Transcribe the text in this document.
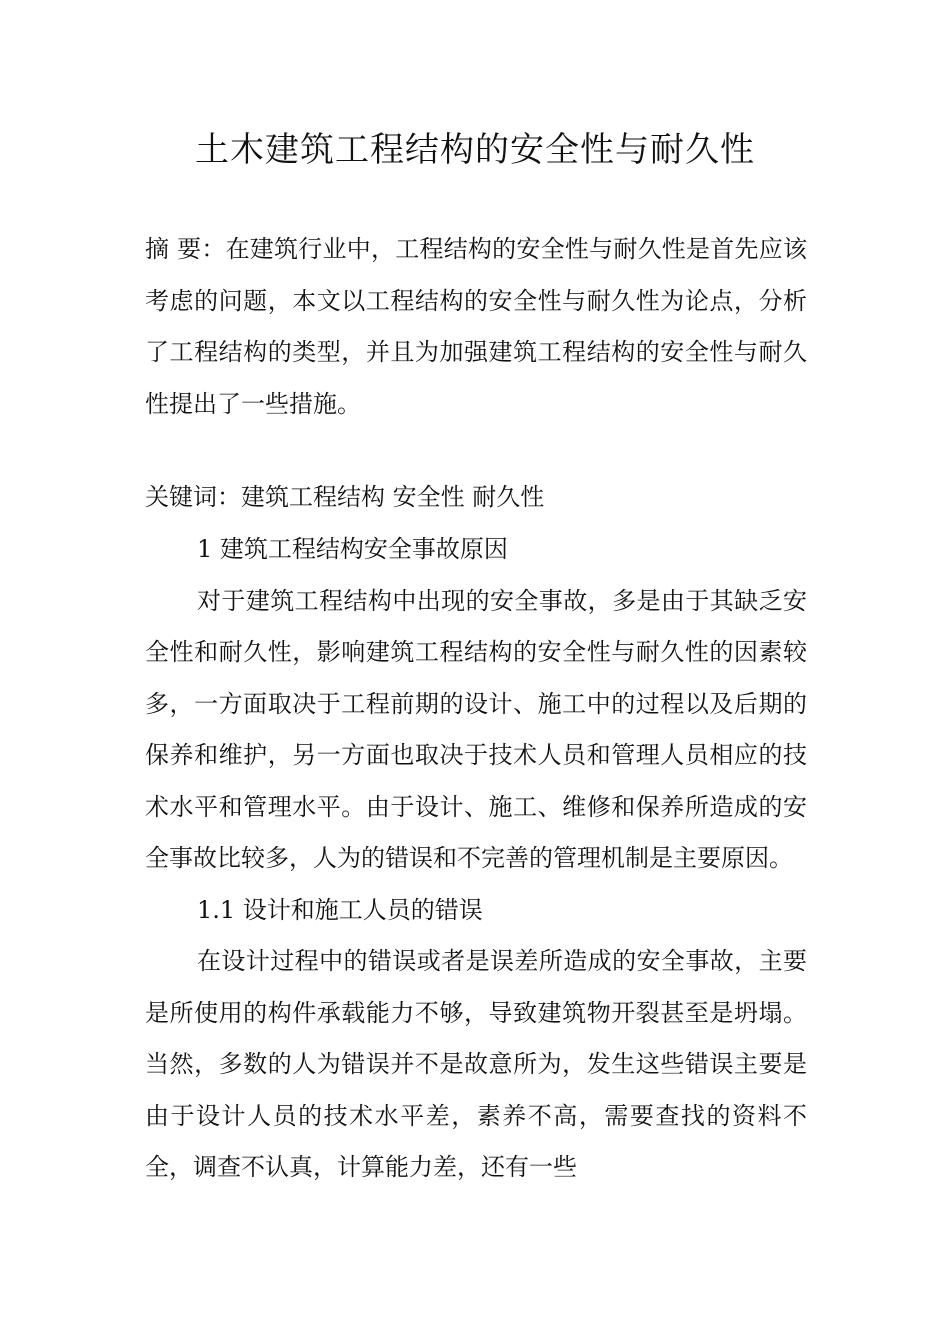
土木建筑工程结构的安全性与耐久性

摘 要：在建筑行业中，工程结构的安全性与耐久性是首先应该考虑的问题，本文以工程结构的安全性与耐久性为论点，分析了工程结构的类型，并且为加强建筑工程结构的安全性与耐久性提出了一些措施。

关键词：建筑工程结构 安全性 耐久性

1 建筑工程结构安全事故原因

对于建筑工程结构中出现的安全事故，多是由于其缺乏安全性和耐久性，影响建筑工程结构的安全性与耐久性的因素较多，一方面取决于工程前期的设计、施工中的过程以及后期的保养和维护，另一方面也取决于技术人员和管理人员相应的技术水平和管理水平。由于设计、施工、维修和保养所造成的安全事故比较多，人为的错误和不完善的管理机制是主要原因。

1.1 设计和施工人员的错误

在设计过程中的错误或者是误差所造成的安全事故，主要是所使用的构件承载能力不够，导致建筑物开裂甚至是坍塌。当然，多数的人为错误并不是故意所为，发生这些错误主要是由于设计人员的技术水平差，素养不高，需要查找的资料不全，调查不认真，计算能力差，还有一些
